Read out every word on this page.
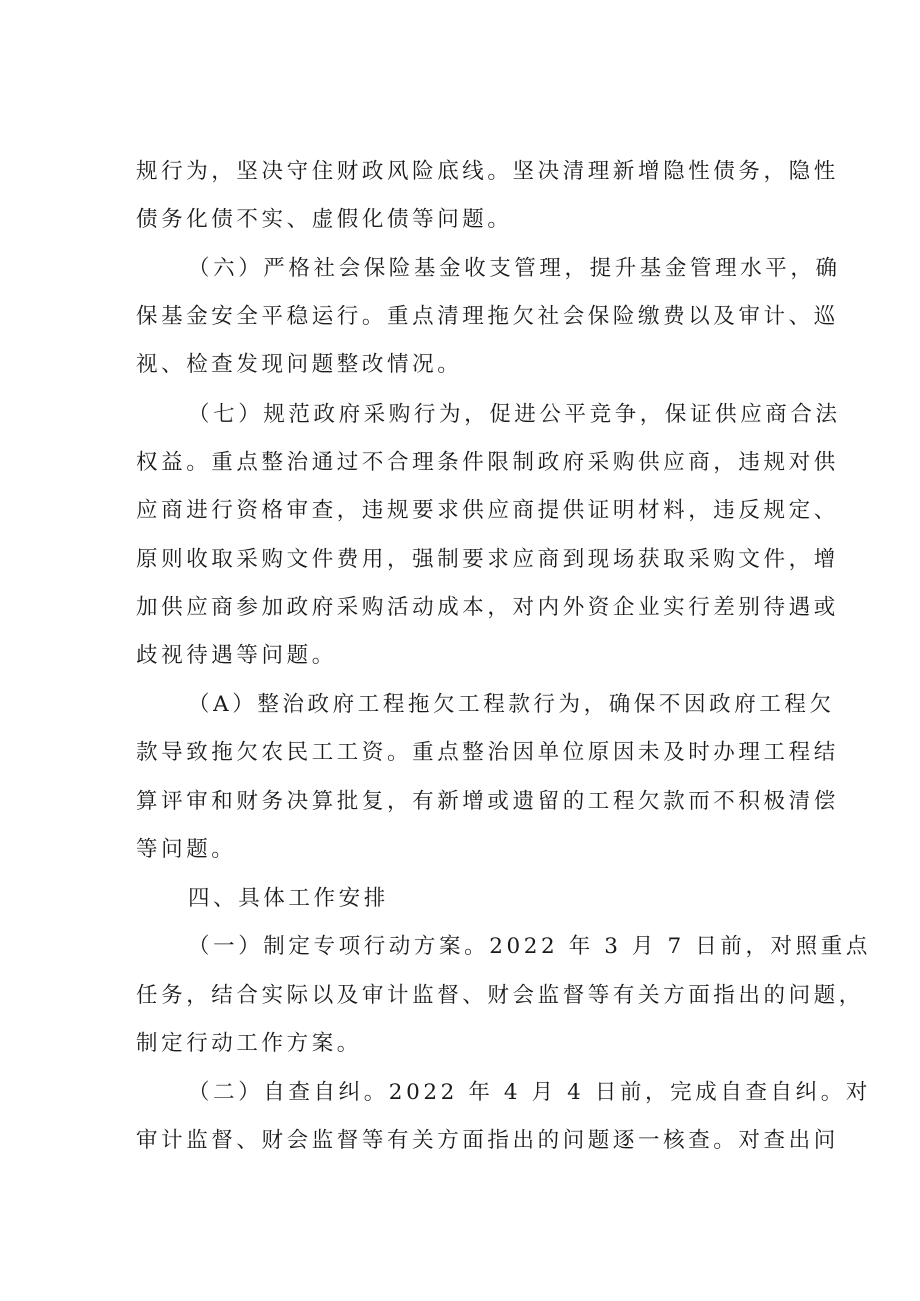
规行为，坚决守住财政风险底线。坚决清理新增隐性债务，隐性
债务化债不实、虚假化债等问题。
（六）严格社会保险基金收支管理，提升基金管理水平，确
保基金安全平稳运行。重点清理拖欠社会保险缴费以及审计、巡
视、检查发现问题整改情况。
（七）规范政府采购行为，促进公平竞争，保证供应商合法
权益。重点整治通过不合理条件限制政府采购供应商，违规对供
应商进行资格审查，违规要求供应商提供证明材料，违反规定、
原则收取采购文件费用，强制要求应商到现场获取采购文件，增
加供应商参加政府采购活动成本，对内外资企业实行差别待遇或
歧视待遇等问题。
（A）整治政府工程拖欠工程款行为，确保不因政府工程欠
款导致拖欠农民工工资。重点整治因单位原因未及时办理工程结
算评审和财务决算批复，有新增或遗留的工程欠款而不积极清偿
等问题。
四、具体工作安排
（一）制定专项行动方案。2022 年 3 月 7 日前，对照重点
任务，结合实际以及审计监督、财会监督等有关方面指出的问题，
制定行动工作方案。
（二）自查自纠。2022 年 4 月 4 日前，完成自查自纠。对
审计监督、财会监督等有关方面指出的问题逐一核查。对查出问
